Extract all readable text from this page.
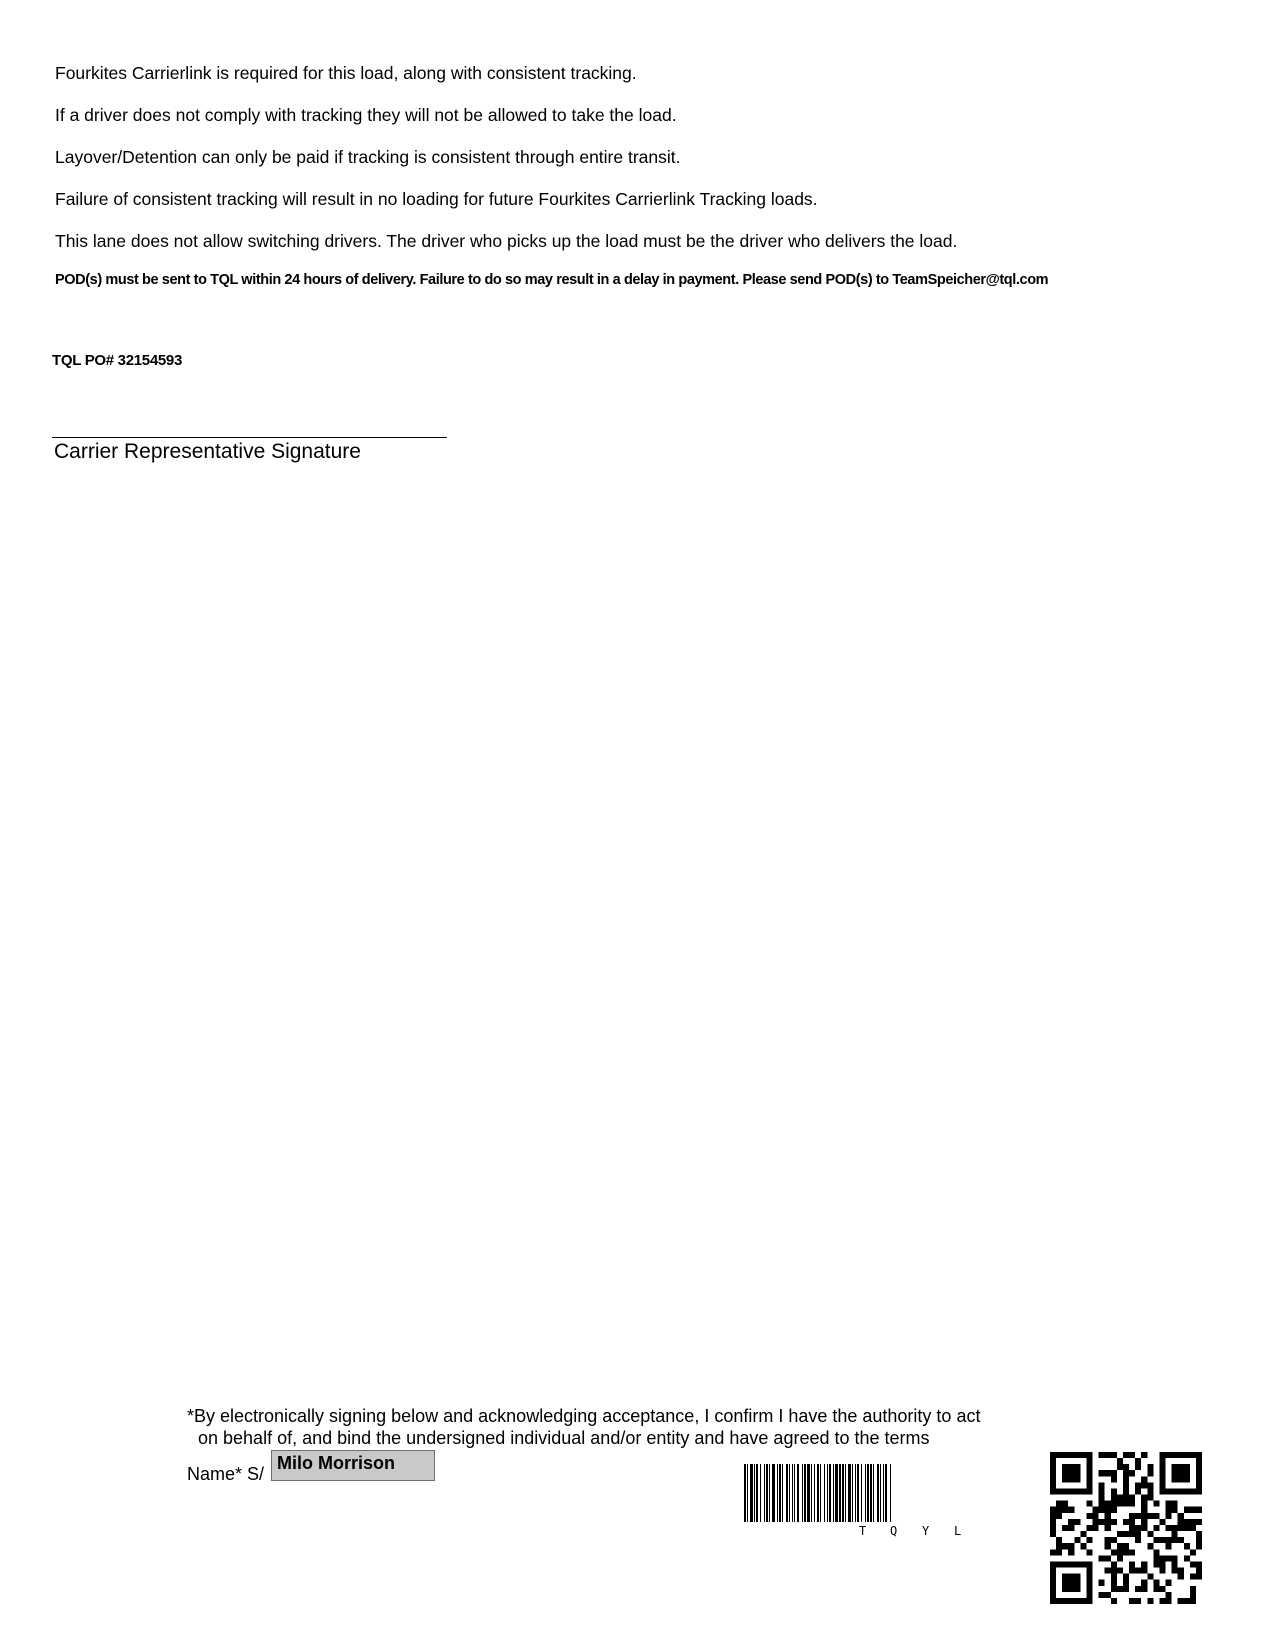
Fourkites Carrierlink is required for this load, along with consistent tracking.
If a driver does not comply with tracking they will not be allowed to take the load.
Layover/Detention can only be paid if tracking is consistent through entire transit.
Failure of consistent tracking will result in no loading for future Fourkites Carrierlink Tracking loads.
This lane does not allow switching drivers. The driver who picks up the load must be the driver who delivers the load.
POD(s) must be sent to TQL within 24 hours of delivery. Failure to do so may result in a delay in payment. Please send POD(s) to TeamSpeicher@tql.com
TQL PO# 32154593
Carrier Representative Signature
*By electronically signing below and acknowledging acceptance, I confirm I have the authority to act
on behalf of, and bind the undersigned individual and/or entity and have agreed to the terms
Name* S/
Milo Morrison
T Q Y L
